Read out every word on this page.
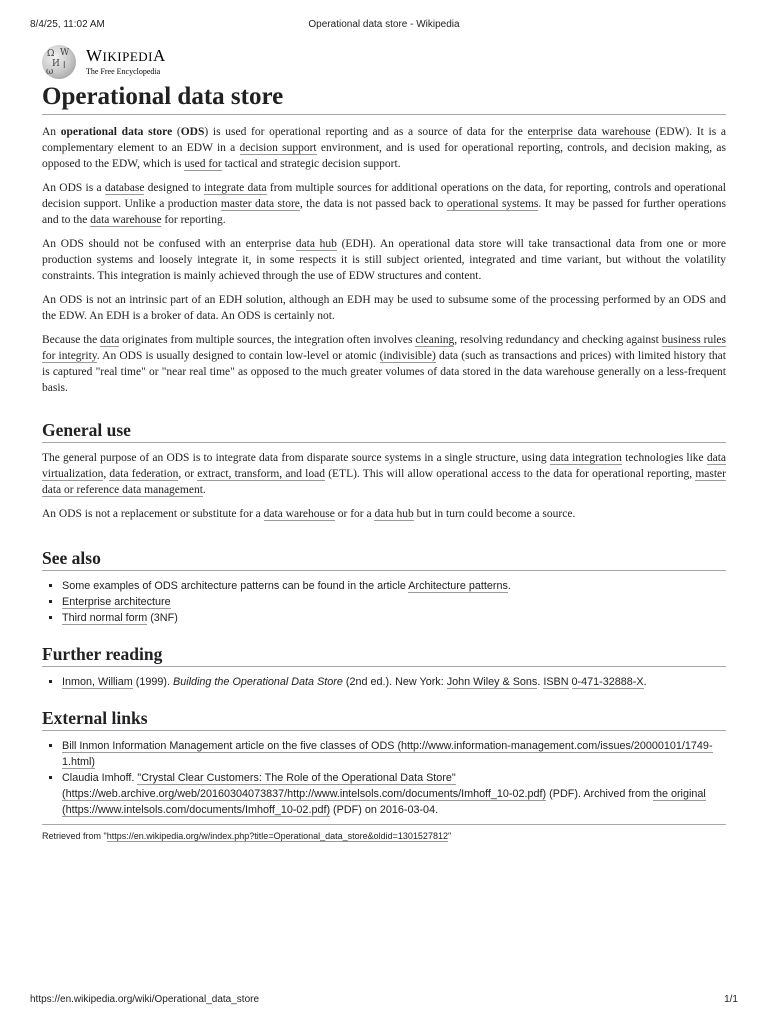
8/4/25, 11:02 AM	Operational data store - Wikipedia
Ω W
И ا
ω
WIKIPEDIA
The Free Encyclopedia
Operational data store

An operational data store (ODS) is used for operational reporting and as a source of data for the enterprise data warehouse (EDW). It is a complementary element to an EDW in a decision support environment, and is used for operational reporting, controls, and decision making, as opposed to the EDW, which is used for tactical and strategic decision support.

An ODS is a database designed to integrate data from multiple sources for additional operations on the data, for reporting, controls and operational decision support. Unlike a production master data store, the data is not passed back to operational systems. It may be passed for further operations and to the data warehouse for reporting.

An ODS should not be confused with an enterprise data hub (EDH). An operational data store will take transactional data from one or more production systems and loosely integrate it, in some respects it is still subject oriented, integrated and time variant, but without the volatility constraints. This integration is mainly achieved through the use of EDW structures and content.

An ODS is not an intrinsic part of an EDH solution, although an EDH may be used to subsume some of the processing performed by an ODS and the EDW. An EDH is a broker of data. An ODS is certainly not.

Because the data originates from multiple sources, the integration often involves cleaning, resolving redundancy and checking against business rules for integrity. An ODS is usually designed to contain low-level or atomic (indivisible) data (such as transactions and prices) with limited history that is captured "real time" or "near real time" as opposed to the much greater volumes of data stored in the data warehouse generally on a less-frequent basis.

General use

The general purpose of an ODS is to integrate data from disparate source systems in a single structure, using data integration technologies like data virtualization, data federation, or extract, transform, and load (ETL). This will allow operational access to the data for operational reporting, master data or reference data management.

An ODS is not a replacement or substitute for a data warehouse or for a data hub but in turn could become a source.

See also
▪ Some examples of ODS architecture patterns can be found in the article Architecture patterns.
▪ Enterprise architecture
▪ Third normal form (3NF)
Further reading
▪ Inmon, William (1999). Building the Operational Data Store (2nd ed.). New York: John Wiley & Sons. ISBN 0-471-32888-X.
External links
▪ Bill Inmon Information Management article on the five classes of ODS (http://www.information-management.com/issues/20000101/1749-1.html)
▪ Claudia Imhoff. "Crystal Clear Customers: The Role of the Operational Data Store" (https://web.archive.org/web/20160304073837/http://www.intelsols.com/documents/Imhoff_10-02.pdf) (PDF). Archived from the original (https://www.intelsols.com/documents/Imhoff_10-02.pdf) (PDF) on 2016-03-04.
Retrieved from "https://en.wikipedia.org/w/index.php?title=Operational_data_store&oldid=1301527812"
https://en.wikipedia.org/wiki/Operational_data_store	1/1
